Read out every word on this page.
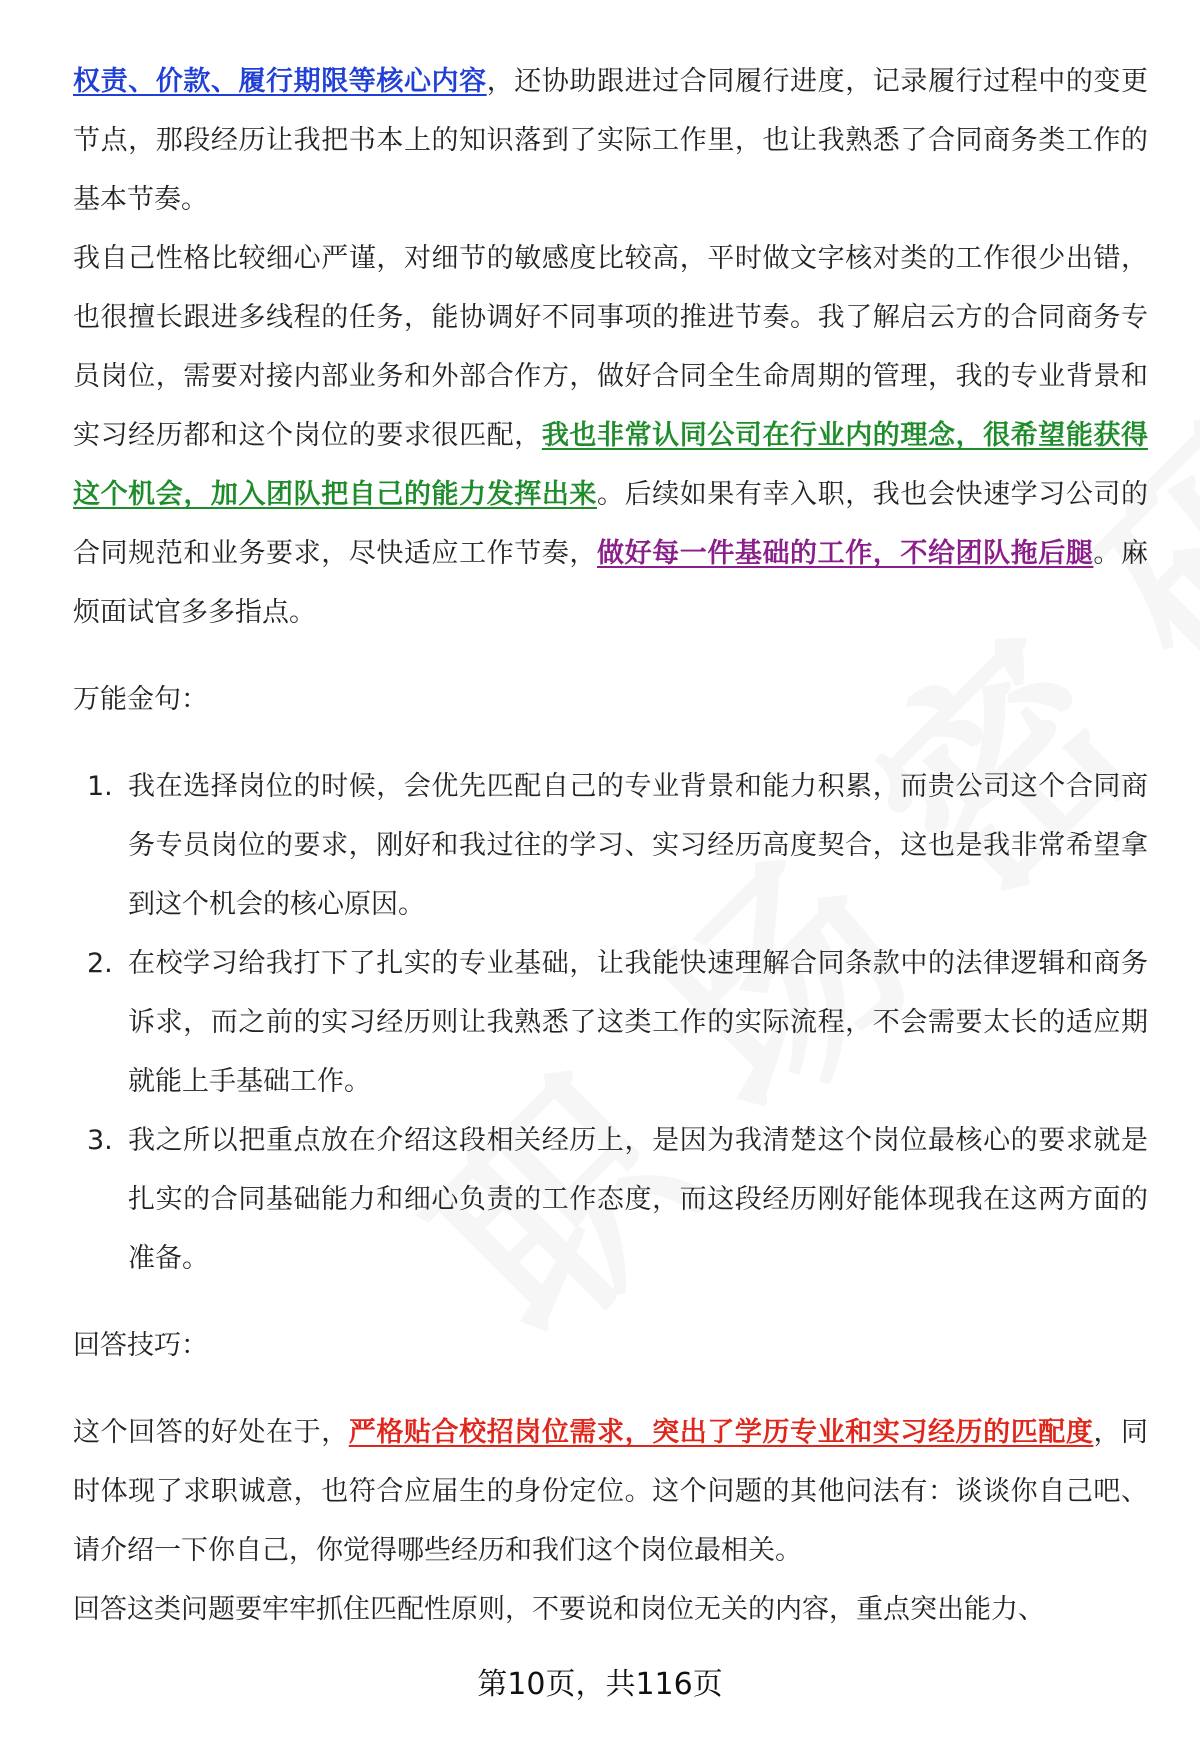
权责、价款、履行期限等核心内容，还协助跟进过合同履行进度，记录履行过程中的变更节点，那段经历让我把书本上的知识落到了实际工作里，也让我熟悉了合同商务类工作的基本节奏。

我自己性格比较细心严谨，对细节的敏感度比较高，平时做文字核对类的工作很少出错，也很擅长跟进多线程的任务，能协调好不同事项的推进节奏。我了解启云方的合同商务专员岗位，需要对接内部业务和外部合作方，做好合同全生命周期的管理，我的专业背景和实习经历都和这个岗位的要求很匹配，我也非常认同公司在行业内的理念，很希望能获得这个机会，加入团队把自己的能力发挥出来。后续如果有幸入职，我也会快速学习公司的合同规范和业务要求，尽快适应工作节奏，做好每一件基础的工作，不给团队拖后腿。麻烦面试官多多指点。

万能金句：

1. 我在选择岗位的时候，会优先匹配自己的专业背景和能力积累，而贵公司这个合同商务专员岗位的要求，刚好和我过往的学习、实习经历高度契合，这也是我非常希望拿到这个机会的核心原因。
2. 在校学习给我打下了扎实的专业基础，让我能快速理解合同条款中的法律逻辑和商务诉求，而之前的实习经历则让我熟悉了这类工作的实际流程，不会需要太长的适应期就能上手基础工作。
3. 我之所以把重点放在介绍这段相关经历上，是因为我清楚这个岗位最核心的要求就是扎实的合同基础能力和细心负责的工作态度，而这段经历刚好能体现我在这两方面的准备。

回答技巧：

这个回答的好处在于，严格贴合校招岗位需求，突出了学历专业和实习经历的匹配度，同时体现了求职诚意，也符合应届生的身份定位。这个问题的其他问法有：谈谈你自己吧、请介绍一下你自己，你觉得哪些经历和我们这个岗位最相关。

回答这类问题要牢牢抓住匹配性原则，不要说和岗位无关的内容，重点突出能力、

第10页，共116页
